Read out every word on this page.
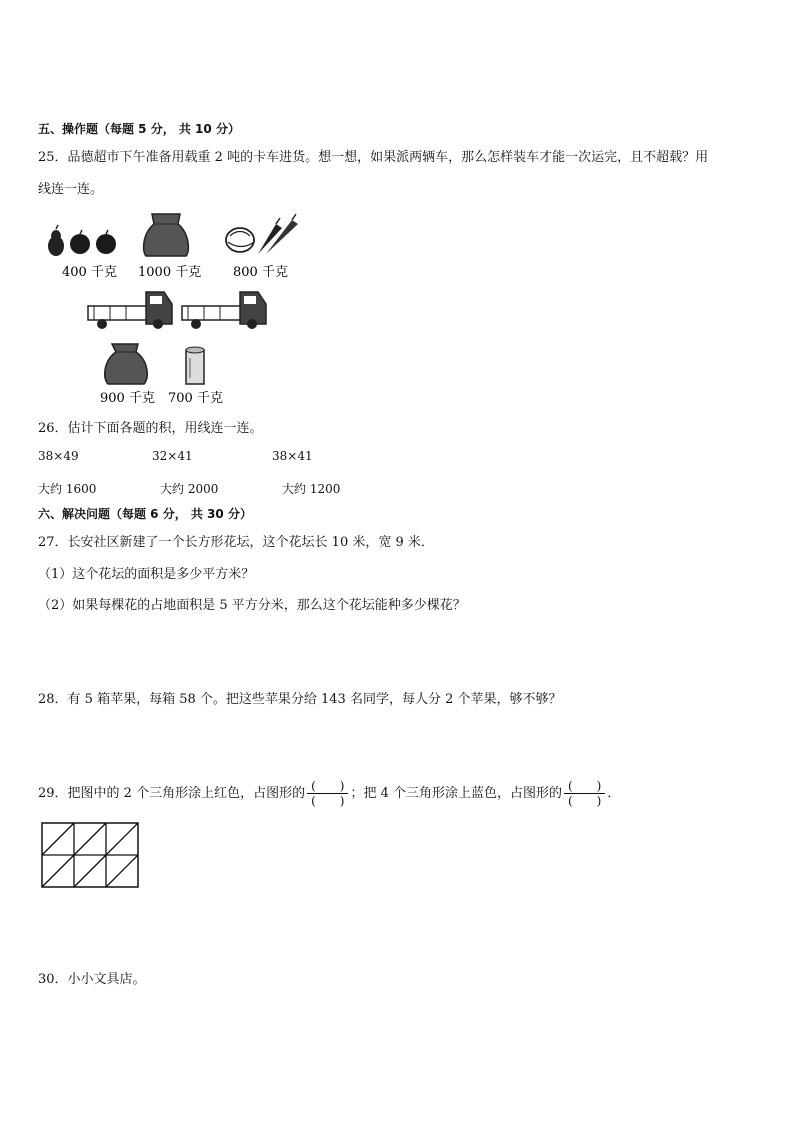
五、操作题（每题 5 分， 共 10 分）
25．品德超市下午准备用载重 2 吨的卡车进货。想一想，如果派两辆车，那么怎样装车才能一次运完，且不超载？用
线连一连。
400 千克 1000 千克 800 千克
900 千克 700 千克
26．估计下面各题的积，用线连一连。
38×49	32×41	38×41
大约 1600	大约 2000	大约 1200
六、解决问题（每题 6 分， 共 30 分）
27．长安社区新建了一个长方形花坛，这个花坛长 10 米，宽 9 米．
（1）这个花坛的面积是多少平方米？
（2）如果每棵花的占地面积是 5 平方分米，那么这个花坛能种多少棵花？
28．有 5 箱苹果，每箱 58 个。把这些苹果分给 143 名同学，每人分 2 个苹果，够不够？
29．把图中的 2 个三角形涂上红色，占图形的 $\frac{( )}{( )}$ ；把 4 个三角形涂上蓝色，占图形的 $\frac{( )}{( )}$ ．
30．小小文具店。
